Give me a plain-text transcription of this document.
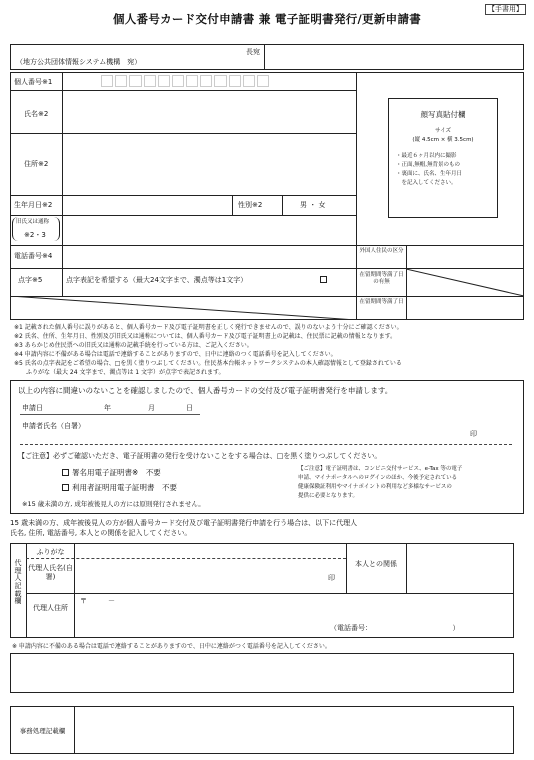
【手書用】
個人番号カード交付申請書 兼 電子証明書発行/更新申請書
（地方公共団体情報システム機構　宛）
長宛
個人番号※1
氏名※2
住所※2
生年月日※2	性別※2	男 ・ 女
旧氏又は通称
※2・3
顔写真貼付欄
サイズ
(縦 4.5cm × 横 3.5cm)
・最近６ヶ月以内に撮影
・正面,無帽,無背景のもの
・裏面に、氏名、生年月日
　を記入してください。
電話番号※4
外国人住民の区分
点字※5	点字表記を希望する（最大24文字まで、濁点等は1文字）
在留期間等満了日の有無
在留期間等満了日
※1 記載された個人番号に誤りがあると、個人番号カード及び電子証明書を正しく発行できませんので、誤りのないよう十分にご確認ください。
※2 氏名、住所、生年月日、性別及び旧氏又は通称については、個人番号カード及び電子証明書上の記載は、住民票に記載の情報となります。
※3 あらかじめ住民票への旧氏又は通称の記載手続を行っている方は、ご記入ください。
※4 申請内容に不備がある場合は電話で連絡することがありますので、日中に連絡のつく電話番号を記入してください。
※5 氏名の点字表記をご希望の場合、□を黒く塗りつぶしてください。住民基本台帳ネットワークシステムの本人確認情報として登録されている
　　ふりがな（最大 24 文字まで、濁点等は 1 文字）が点字で表記されます。
以上の内容に間違いのないことを確認しましたので、個人番号カードの交付及び電子証明書発行を申請します。
申請日	年	月	日
申請者氏名（自署）
印
【ご注意】必ずご確認いただき、電子証明書の発行を受けないことをする場合は、□を黒く塗りつぶしてください。
署名用電子証明書※　不要
利用者証明用電子証明書　不要
※15 歳未満の方, 成年被後見人の方には原則発行されません。
【ご注意】電子証明書は、コンビニ交付サービス、e-Tax 等の電子
申請、マイナポータルへのログインのほか、今後予定されている
健康保険証利用やマイナポイントの利用など多様なサービスの
提供に必要となります。
15 歳未満の方、成年被後見人の方が個人番号カード交付及び電子証明書発行申請を行う場合は、以下に代理人
氏名, 住所, 電話番号, 本人との関係を記入してください。
代理人記載欄
ふりがな
代理人氏名(自署)	印
本人との関係
代理人住所
〒　　　－
（電話番号：　　　　　　　　　　　　）
※ 申請内容に不備のある場合は電話で連絡することがありますので、日中に連絡がつく電話番号を記入してください。
事務処理記載欄
